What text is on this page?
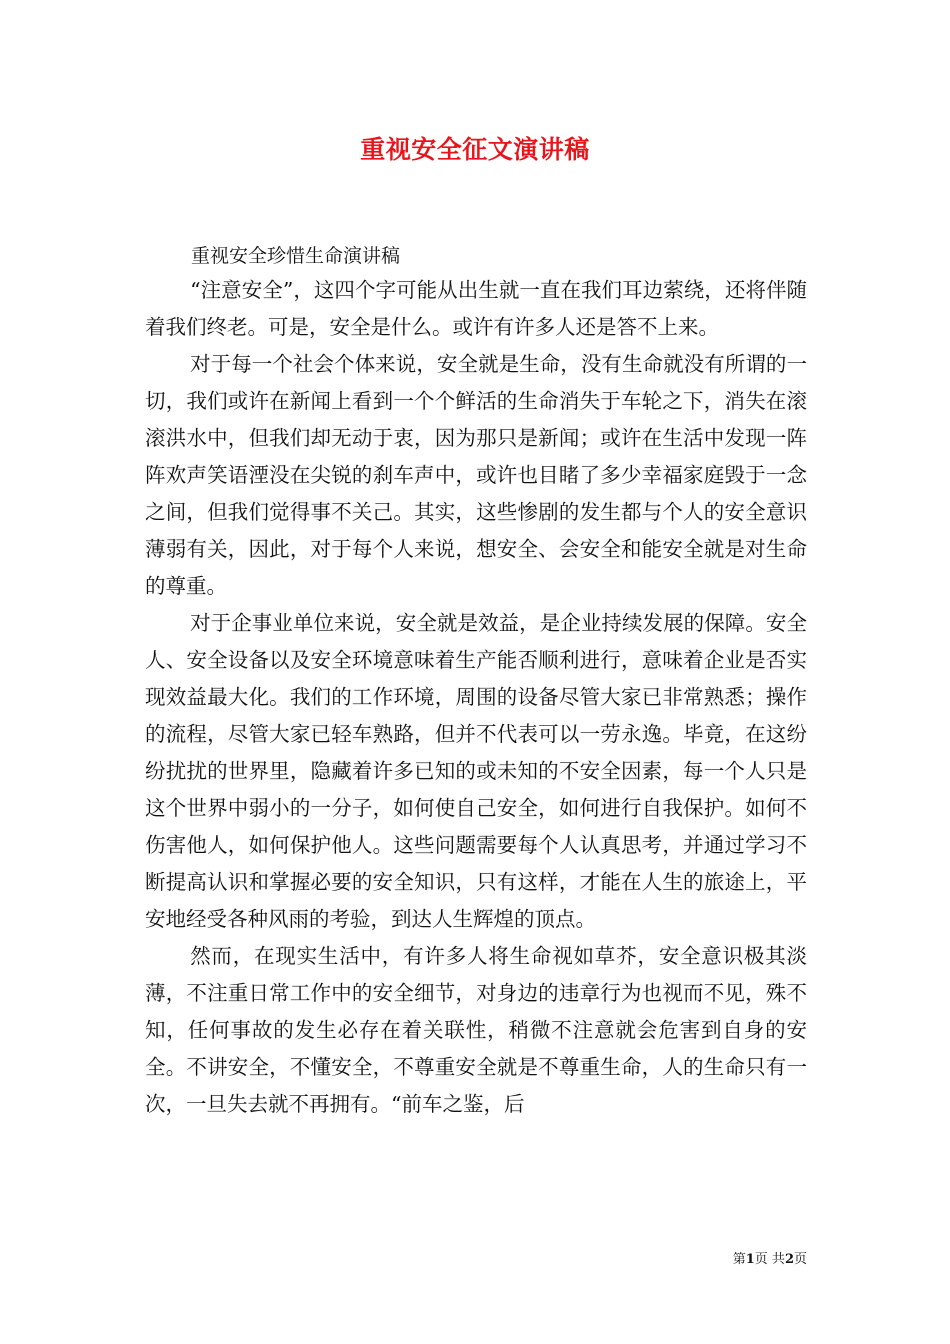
重视安全征文演讲稿

重视安全珍惜生命演讲稿

“注意安全”，这四个字可能从出生就一直在我们耳边萦绕，还将伴随着我们终老。可是，安全是什么。或许有许多人还是答不上来。

对于每一个社会个体来说，安全就是生命，没有生命就没有所谓的一切，我们或许在新闻上看到一个个鲜活的生命消失于车轮之下，消失在滚滚洪水中，但我们却无动于衷，因为那只是新闻；或许在生活中发现一阵阵欢声笑语湮没在尖锐的刹车声中，或许也目睹了多少幸福家庭毁于一念之间，但我们觉得事不关己。其实，这些惨剧的发生都与个人的安全意识薄弱有关，因此，对于每个人来说，想安全、会安全和能安全就是对生命的尊重。

对于企事业单位来说，安全就是效益，是企业持续发展的保障。安全人、安全设备以及安全环境意味着生产能否顺利进行，意味着企业是否实现效益最大化。我们的工作环境，周围的设备尽管大家已非常熟悉；操作的流程，尽管大家已轻车熟路，但并不代表可以一劳永逸。毕竟，在这纷纷扰扰的世界里，隐藏着许多已知的或未知的不安全因素，每一个人只是这个世界中弱小的一分子，如何使自己安全，如何进行自我保护。如何不伤害他人，如何保护他人。这些问题需要每个人认真思考，并通过学习不断提高认识和掌握必要的安全知识，只有这样，才能在人生的旅途上，平安地经受各种风雨的考验，到达人生辉煌的顶点。

然而，在现实生活中，有许多人将生命视如草芥，安全意识极其淡薄，不注重日常工作中的安全细节，对身边的违章行为也视而不见，殊不知，任何事故的发生必存在着关联性，稍微不注意就会危害到自身的安全。不讲安全，不懂安全，不尊重安全就是不尊重生命，人的生命只有一次，一旦失去就不再拥有。“前车之鉴，后

第1页 共2页
